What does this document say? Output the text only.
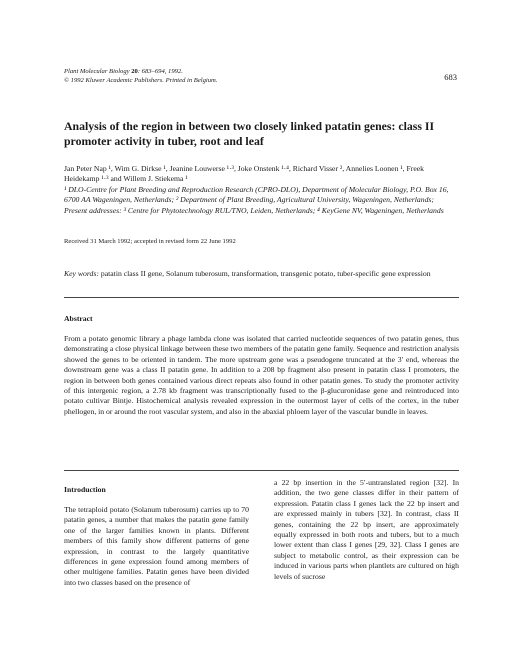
Plant Molecular Biology 20: 683–694, 1992.
© 1992 Kluwer Academic Publishers. Printed in Belgium.	683
Analysis of the region in between two closely linked patatin genes: class II promoter activity in tuber, root and leaf
Jan Peter Nap ¹, Wim G. Dirkse ¹, Jeanine Louwerse ¹·³, Joke Onstenk ¹·⁴, Richard Visser ², Annelies Loonen ¹, Freek Heidekamp ¹·³ and Willem J. Stiekema ¹
¹ DLO-Centre for Plant Breeding and Reproduction Research (CPRO-DLO), Department of Molecular Biology, P.O. Box 16, 6700 AA Wageningen, Netherlands; ² Department of Plant Breeding, Agricultural University, Wageningen, Netherlands; Present addresses: ³ Centre for Phytotechnology RUL/TNO, Leiden, Netherlands; ⁴ KeyGene NV, Wageningen, Netherlands
Received 31 March 1992; accepted in revised form 22 June 1992
Key words: patatin class II gene, Solanum tuberosum, transformation, transgenic potato, tuber-specific gene expression
Abstract

From a potato genomic library a phage lambda clone was isolated that carried nucleotide sequences of two patatin genes, thus demonstrating a close physical linkage between these two members of the patatin gene family. Sequence and restriction analysis showed the genes to be oriented in tandem. The more upstream gene was a pseudogene truncated at the 3′ end, whereas the downstream gene was a class II patatin gene. In addition to a 208 bp fragment also present in patatin class I promoters, the region in between both genes contained various direct repeats also found in other patatin genes. To study the promoter activity of this intergenic region, a 2.78 kb fragment was transcriptionally fused to the β-glucuronidase gene and reintroduced into potato cultivar Bintje. Histochemical analysis revealed expression in the outermost layer of cells of the cortex, in the tuber phellogen, in or around the root vascular system, and also in the abaxial phloem layer of the vascular bundle in leaves.

Introduction

The tetraploid potato (Solanum tuberosum) carries up to 70 patatin genes, a number that makes the patatin gene family one of the larger families known in plants. Different members of this family show different patterns of gene expression, in contrast to the largely quantitative differences in gene expression found among members of other multigene families. Patatin genes have been divided into two classes based on the presence of

a 22 bp insertion in the 5′-untranslated region [32]. In addition, the two gene classes differ in their pattern of expression. Patatin class I genes lack the 22 bp insert and are expressed mainly in tubers [32]. In contrast, class II genes, containing the 22 bp insert, are approximately equally expressed in both roots and tubers, but to a much lower extent than class I genes [29, 32]. Class I genes are subject to metabolic control, as their expression can be induced in various parts when plantlets are cultured on high levels of sucrose
